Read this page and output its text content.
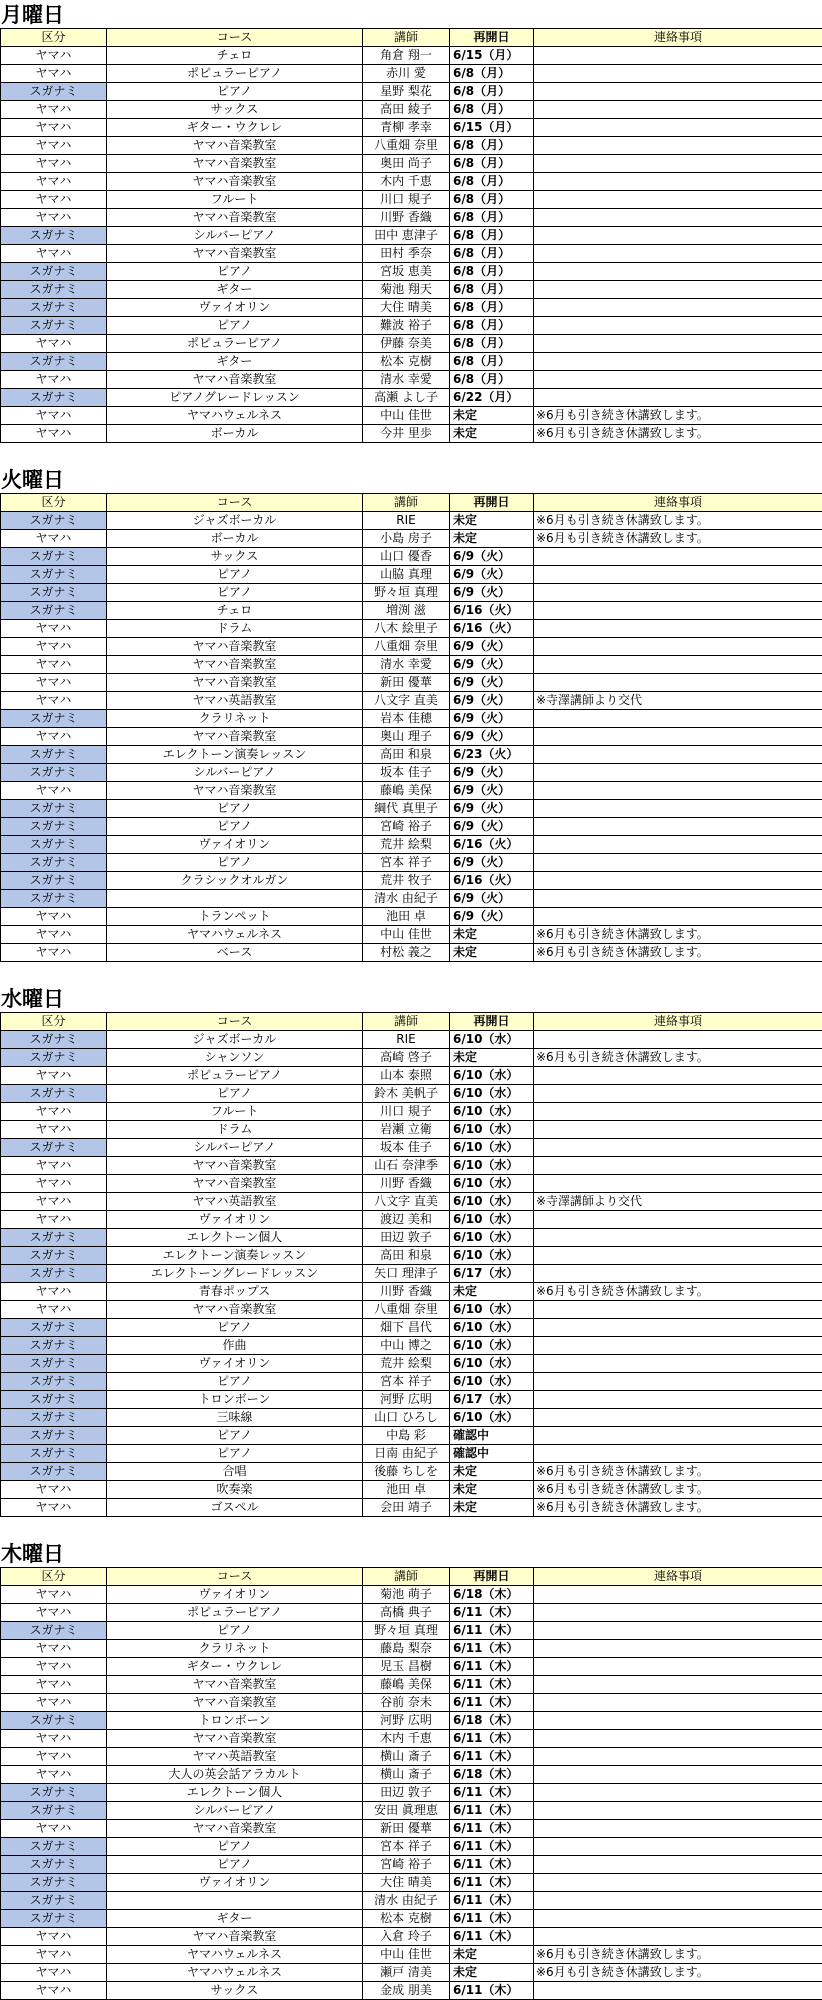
月曜日
区分	コース	講師	再開日	連絡事項
ヤマハ	チェロ	角倉 翔一	6/15（月）	
ヤマハ	ポピュラーピアノ	赤川 愛	6/8（月）	
スガナミ	ピアノ	星野 梨花	6/8（月）	
ヤマハ	サックス	高田 綾子	6/8（月）	
ヤマハ	ギター・ウクレレ	青柳 孝幸	6/15（月）	
ヤマハ	ヤマハ音楽教室	八重畑 奈里	6/8（月）	
ヤマハ	ヤマハ音楽教室	奥田 尚子	6/8（月）	
ヤマハ	ヤマハ音楽教室	木内 千恵	6/8（月）	
ヤマハ	フルート	川口 規子	6/8（月）	
ヤマハ	ヤマハ音楽教室	川野 香織	6/8（月）	
スガナミ	シルバーピアノ	田中 恵津子	6/8（月）	
ヤマハ	ヤマハ音楽教室	田村 季奈	6/8（月）	
スガナミ	ピアノ	宮坂 恵美	6/8（月）	
スガナミ	ギター	菊池 翔天	6/8（月）	
スガナミ	ヴァイオリン	大住 晴美	6/8（月）	
スガナミ	ピアノ	難波 裕子	6/8（月）	
ヤマハ	ポピュラーピアノ	伊藤 奈美	6/8（月）	
スガナミ	ギター	松本 克樹	6/8（月）	
ヤマハ	ヤマハ音楽教室	清水 幸愛	6/8（月）	
スガナミ	ピアノグレードレッスン	高瀬 よし子	6/22（月）	
ヤマハ	ヤマハウェルネス	中山 佳世	未定	※6月も引き続き休講致します。
ヤマハ	ボーカル	今井 里歩	未定	※6月も引き続き休講致します。
火曜日
区分	コース	講師	再開日	連絡事項
スガナミ	ジャズボーカル	RIE	未定	※6月も引き続き休講致します。
ヤマハ	ボーカル	小島 房子	未定	※6月も引き続き休講致します。
スガナミ	サックス	山口 優香	6/9（火）	
スガナミ	ピアノ	山脇 真理	6/9（火）	
スガナミ	ピアノ	野々垣 真理	6/9（火）	
スガナミ	チェロ	増渕 滋	6/16（火）	
ヤマハ	ドラム	八木 絵里子	6/16（火）	
ヤマハ	ヤマハ音楽教室	八重畑 奈里	6/9（火）	
ヤマハ	ヤマハ音楽教室	清水 幸愛	6/9（火）	
ヤマハ	ヤマハ音楽教室	新田 優華	6/9（火）	
ヤマハ	ヤマハ英語教室	八文字 直美	6/9（火）	※寺澤講師より交代
スガナミ	クラリネット	岩本 佳穂	6/9（火）	
ヤマハ	ヤマハ音楽教室	奥山 理子	6/9（火）	
スガナミ	エレクトーン演奏レッスン	高田 和泉	6/23（火）	
スガナミ	シルバーピアノ	坂本 佳子	6/9（火）	
ヤマハ	ヤマハ音楽教室	藤嶋 美保	6/9（火）	
スガナミ	ピアノ	綱代 真里子	6/9（火）	
スガナミ	ピアノ	宮崎 裕子	6/9（火）	
スガナミ	ヴァイオリン	荒井 絵梨	6/16（火）	
スガナミ	ピアノ	宮本 祥子	6/9（火）	
スガナミ	クラシックオルガン	荒井 牧子	6/16（火）	
スガナミ		清水 由紀子	6/9（火）	
ヤマハ	トランペット	池田 卓	6/9（火）	
ヤマハ	ヤマハウェルネス	中山 佳世	未定	※6月も引き続き休講致します。
ヤマハ	ベース	村松 義之	未定	※6月も引き続き休講致します。
水曜日
区分	コース	講師	再開日	連絡事項
スガナミ	ジャズボーカル	RIE	6/10（水）	
スガナミ	シャンソン	高崎 啓子	未定	※6月も引き続き休講致します。
ヤマハ	ポピュラーピアノ	山本 泰照	6/10（水）	
スガナミ	ピアノ	鈴木 美帆子	6/10（水）	
ヤマハ	フルート	川口 規子	6/10（水）	
ヤマハ	ドラム	岩瀬 立衛	6/10（水）	
スガナミ	シルバーピアノ	坂本 佳子	6/10（水）	
ヤマハ	ヤマハ音楽教室	山石 奈津季	6/10（水）	
ヤマハ	ヤマハ音楽教室	川野 香織	6/10（水）	
ヤマハ	ヤマハ英語教室	八文字 直美	6/10（水）	※寺澤講師より交代
ヤマハ	ヴァイオリン	渡辺 美和	6/10（水）	
スガナミ	エレクトーン個人	田辺 敦子	6/10（水）	
スガナミ	エレクトーン演奏レッスン	高田 和泉	6/10（水）	
スガナミ	エレクトーングレードレッスン	矢口 理津子	6/17（水）	
ヤマハ	青春ポップス	川野 香織	未定	※6月も引き続き休講致します。
ヤマハ	ヤマハ音楽教室	八重畑 奈里	6/10（水）	
スガナミ	ピアノ	畑下 昌代	6/10（水）	
スガナミ	作曲	中山 博之	6/10（水）	
スガナミ	ヴァイオリン	荒井 絵梨	6/10（水）	
スガナミ	ピアノ	宮本 祥子	6/10（水）	
スガナミ	トロンボーン	河野 広明	6/17（水）	
スガナミ	三味線	山口 ひろし	6/10（水）	
スガナミ	ピアノ	中島 彩	確認中	
スガナミ	ピアノ	日南 由紀子	確認中	
スガナミ	合唱	後藤 ちしを	未定	※6月も引き続き休講致します。
ヤマハ	吹奏楽	池田 卓	未定	※6月も引き続き休講致します。
ヤマハ	ゴスペル	会田 靖子	未定	※6月も引き続き休講致します。
木曜日
区分	コース	講師	再開日	連絡事項
ヤマハ	ヴァイオリン	菊池 萌子	6/18（木）	
ヤマハ	ポピュラーピアノ	高橋 典子	6/11（木）	
スガナミ	ピアノ	野々垣 真理	6/11（木）	
ヤマハ	クラリネット	藤島 梨奈	6/11（木）	
ヤマハ	ギター・ウクレレ	児玉 昌樹	6/11（木）	
ヤマハ	ヤマハ音楽教室	藤嶋 美保	6/11（木）	
ヤマハ	ヤマハ音楽教室	谷前 奈未	6/11（木）	
スガナミ	トロンボーン	河野 広明	6/18（木）	
ヤマハ	ヤマハ音楽教室	木内 千恵	6/11（木）	
ヤマハ	ヤマハ英語教室	横山 斎子	6/11（木）	
ヤマハ	大人の英会話アラカルト	横山 斎子	6/18（木）	
スガナミ	エレクトーン個人	田辺 敦子	6/11（木）	
スガナミ	シルバーピアノ	安田 眞理恵	6/11（木）	
ヤマハ	ヤマハ音楽教室	新田 優華	6/11（木）	
スガナミ	ピアノ	宮本 祥子	6/11（木）	
スガナミ	ピアノ	宮崎 裕子	6/11（木）	
スガナミ	ヴァイオリン	大住 晴美	6/11（木）	
スガナミ		清水 由紀子	6/11（木）	
スガナミ	ギター	松本 克樹	6/11（木）	
ヤマハ	ヤマハ音楽教室	入倉 玲子	6/11（木）	
ヤマハ	ヤマハウェルネス	中山 佳世	未定	※6月も引き続き休講致します。
ヤマハ	ヤマハウェルネス	瀬戸 清美	未定	※6月も引き続き休講致します。
ヤマハ	サックス	金成 朋美	6/11（木）	
